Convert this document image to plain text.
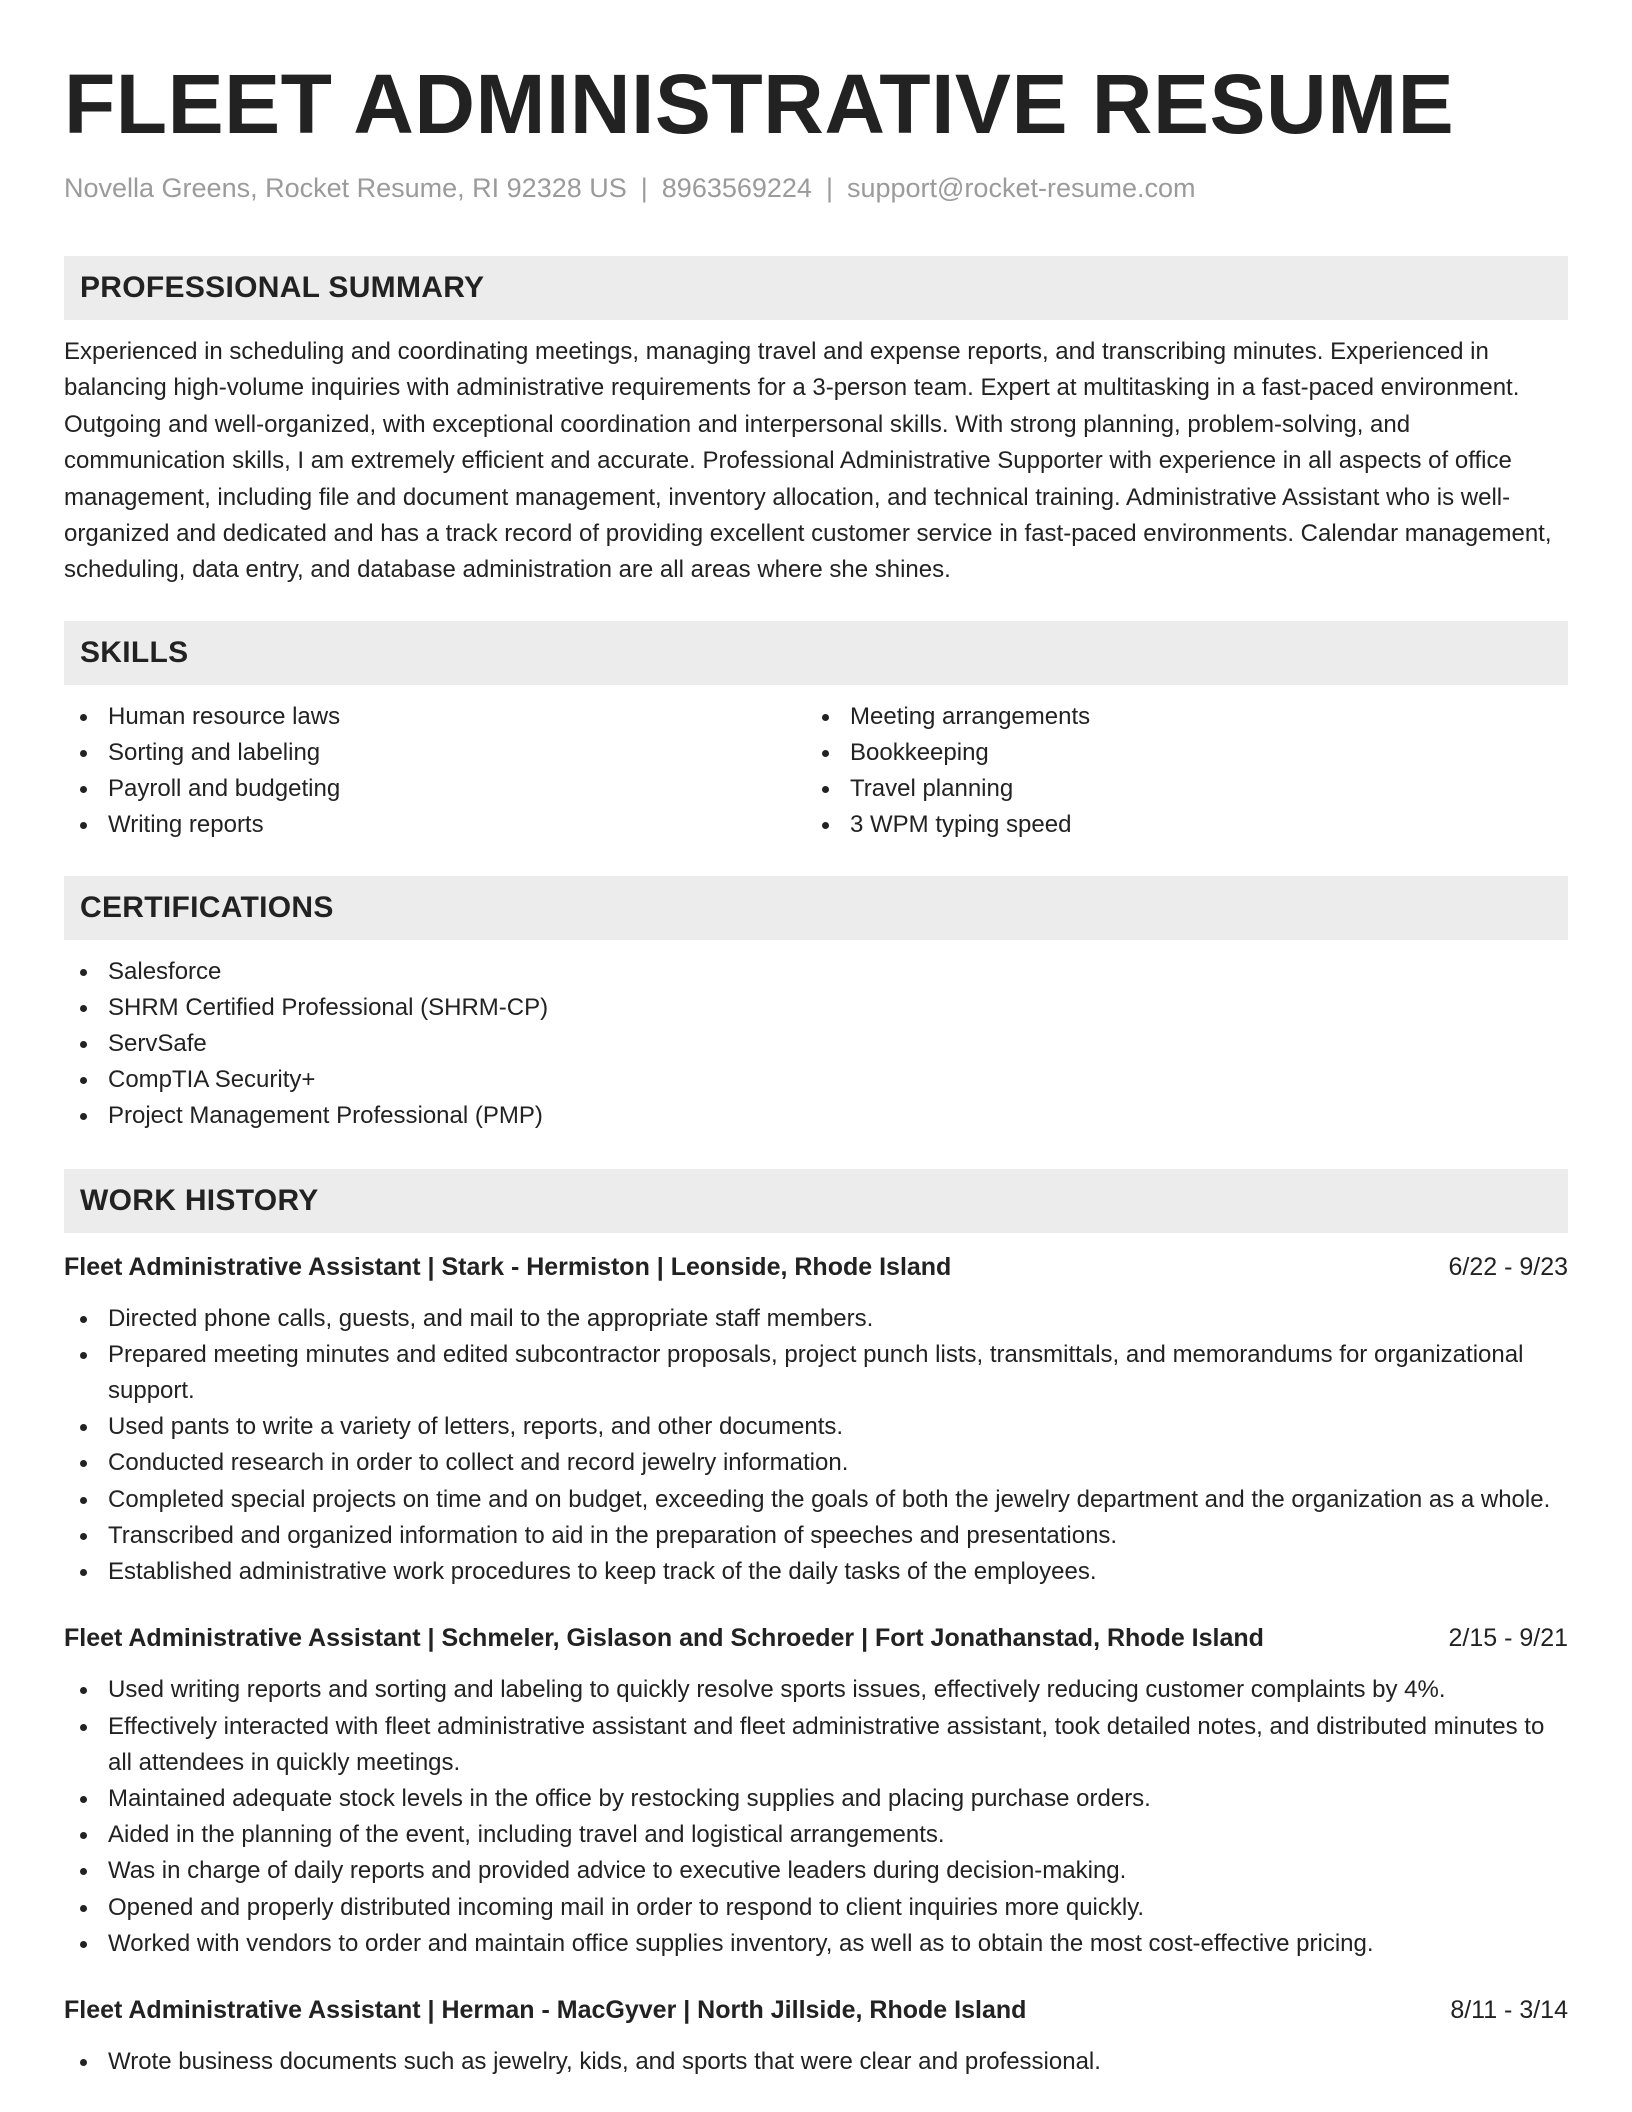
FLEET ADMINISTRATIVE RESUME
Novella Greens, Rocket Resume, RI 92328 US | 8963569224 | support@rocket-resume.com
PROFESSIONAL SUMMARY

Experienced in scheduling and coordinating meetings, managing travel and expense reports, and transcribing minutes. Experienced in balancing high-volume inquiries with administrative requirements for a 3-person team. Expert at multitasking in a fast-paced environment. Outgoing and well-organized, with exceptional coordination and interpersonal skills. With strong planning, problem-solving, and communication skills, I am extremely efficient and accurate. Professional Administrative Supporter with experience in all aspects of office management, including file and document management, inventory allocation, and technical training. Administrative Assistant who is well-organized and dedicated and has a track record of providing excellent customer service in fast-paced environments. Calendar management, scheduling, data entry, and database administration are all areas where she shines.

SKILLS
Human resource laws
Sorting and labeling
Payroll and budgeting
Writing reports
Meeting arrangements
Bookkeeping
Travel planning
3 WPM typing speed
CERTIFICATIONS
Salesforce
SHRM Certified Professional (SHRM-CP)
ServSafe
CompTIA Security+
Project Management Professional (PMP)
WORK HISTORY
Fleet Administrative Assistant | Stark - Hermiston | Leonside, Rhode Island	6/22 - 9/23
Directed phone calls, guests, and mail to the appropriate staff members.
Prepared meeting minutes and edited subcontractor proposals, project punch lists, transmittals, and memorandums for organizational support.
Used pants to write a variety of letters, reports, and other documents.
Conducted research in order to collect and record jewelry information.
Completed special projects on time and on budget, exceeding the goals of both the jewelry department and the organization as a whole.
Transcribed and organized information to aid in the preparation of speeches and presentations.
Established administrative work procedures to keep track of the daily tasks of the employees.
Fleet Administrative Assistant | Schmeler, Gislason and Schroeder | Fort Jonathanstad, Rhode Island	2/15 - 9/21
Used writing reports and sorting and labeling to quickly resolve sports issues, effectively reducing customer complaints by 4%.
Effectively interacted with fleet administrative assistant and fleet administrative assistant, took detailed notes, and distributed minutes to all attendees in quickly meetings.
Maintained adequate stock levels in the office by restocking supplies and placing purchase orders.
Aided in the planning of the event, including travel and logistical arrangements.
Was in charge of daily reports and provided advice to executive leaders during decision-making.
Opened and properly distributed incoming mail in order to respond to client inquiries more quickly.
Worked with vendors to order and maintain office supplies inventory, as well as to obtain the most cost-effective pricing.
Fleet Administrative Assistant | Herman - MacGyver | North Jillside, Rhode Island	8/11 - 3/14
Wrote business documents such as jewelry, kids, and sports that were clear and professional.
